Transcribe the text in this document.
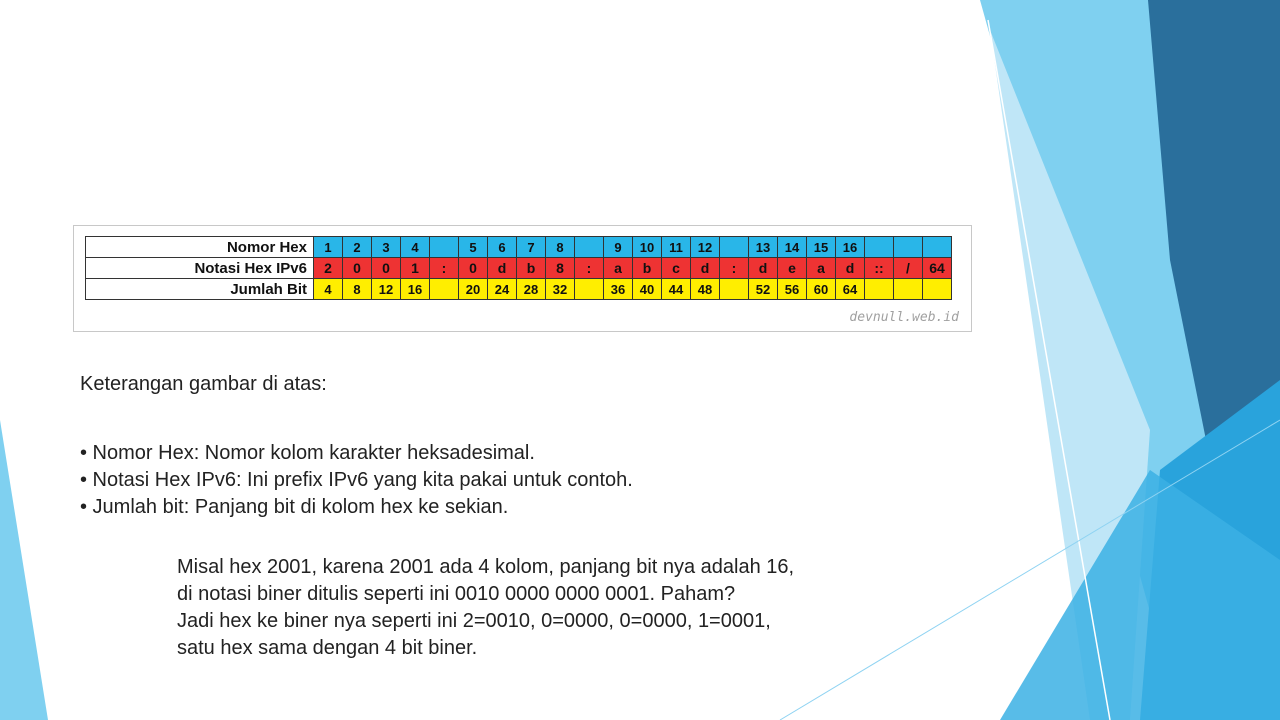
Nomor Hex	1	2	3	4		5	6	7	8		9	10	11	12		13	14	15	16			
Notasi Hex IPv6	2	0	0	1	:	0	d	b	8	:	a	b	c	d	:	d	e	a	d	::	/	64
Jumlah Bit	4	8	12	16		20	24	28	32		36	40	44	48		52	56	60	64			
devnull.web.id
Keterangan gambar di atas:
• Nomor Hex: Nomor kolom karakter heksadesimal.
• Notasi Hex IPv6: Ini prefix IPv6 yang kita pakai untuk contoh.
• Jumlah bit: Panjang bit di kolom hex ke sekian.

Misal hex 2001, karena 2001 ada 4 kolom, panjang bit nya adalah 16,

di notasi biner ditulis seperti ini 0010 0000 0000 0001. Paham?

Jadi hex ke biner nya seperti ini 2=0010, 0=0000, 0=0000, 1=0001,

satu hex sama dengan 4 bit biner.
